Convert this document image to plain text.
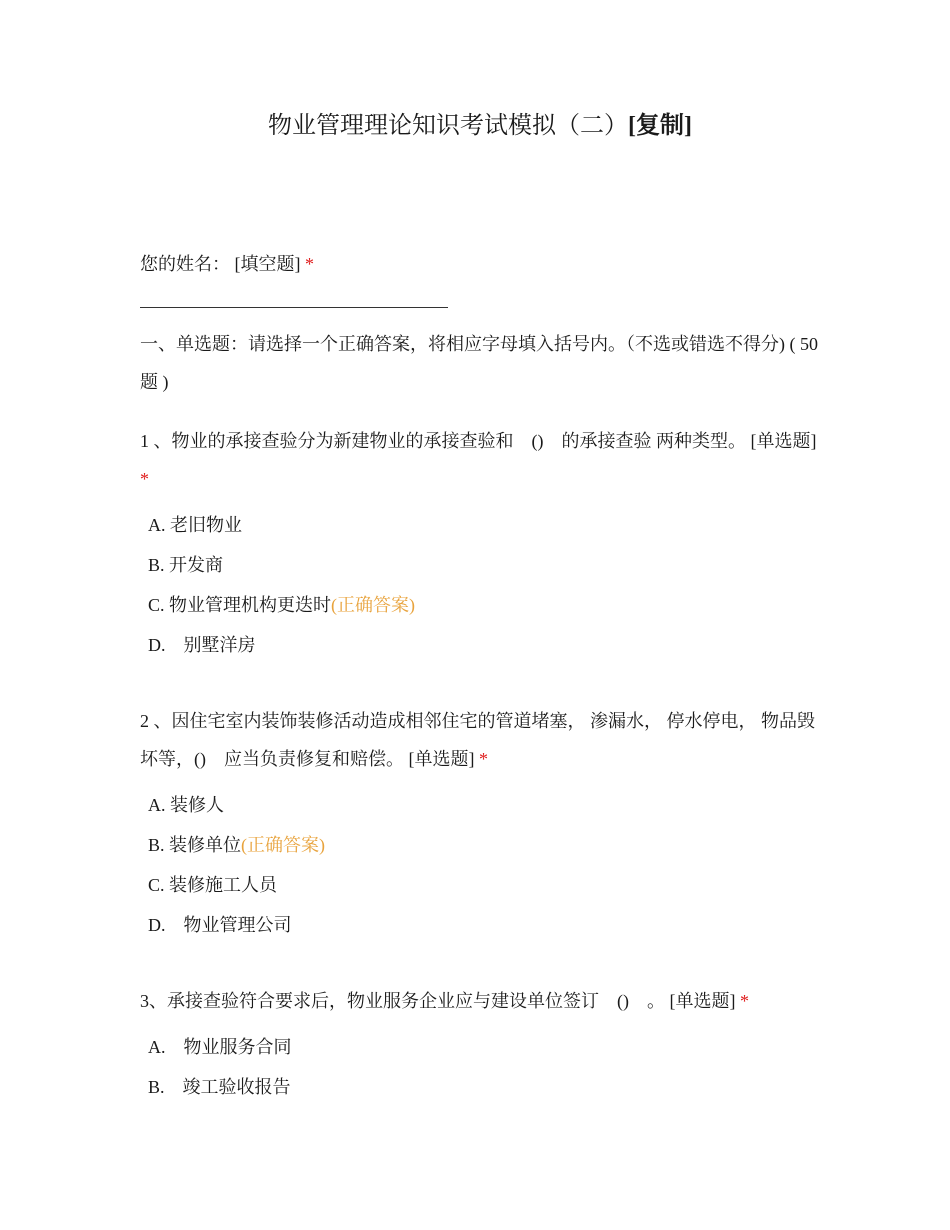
物业管理理论知识考试模拟（二）[复制]
您的姓名： [填空题] *
一、单选题：请选择一个正确答案，将相应字母填入括号内。（不选或错选不得分) ( 50 题 )
1 、物业的承接查验分为新建物业的承接查验和　()　的承接查验 两种类型。 [单选题] *
A. 老旧物业
B. 开发商
C. 物业管理机构更迭时(正确答案)
D.　别墅洋房
2 、因住宅室内装饰装修活动造成相邻住宅的管道堵塞， 渗漏水， 停水停电， 物品毁坏等，()　应当负责修复和赔偿。 [单选题] *
A. 装修人
B. 装修单位(正确答案)
C. 装修施工人员
D.　物业管理公司
3、承接查验符合要求后，物业服务企业应与建设单位签订　()　。 [单选题] *
A.　物业服务合同
B.　竣工验收报告
